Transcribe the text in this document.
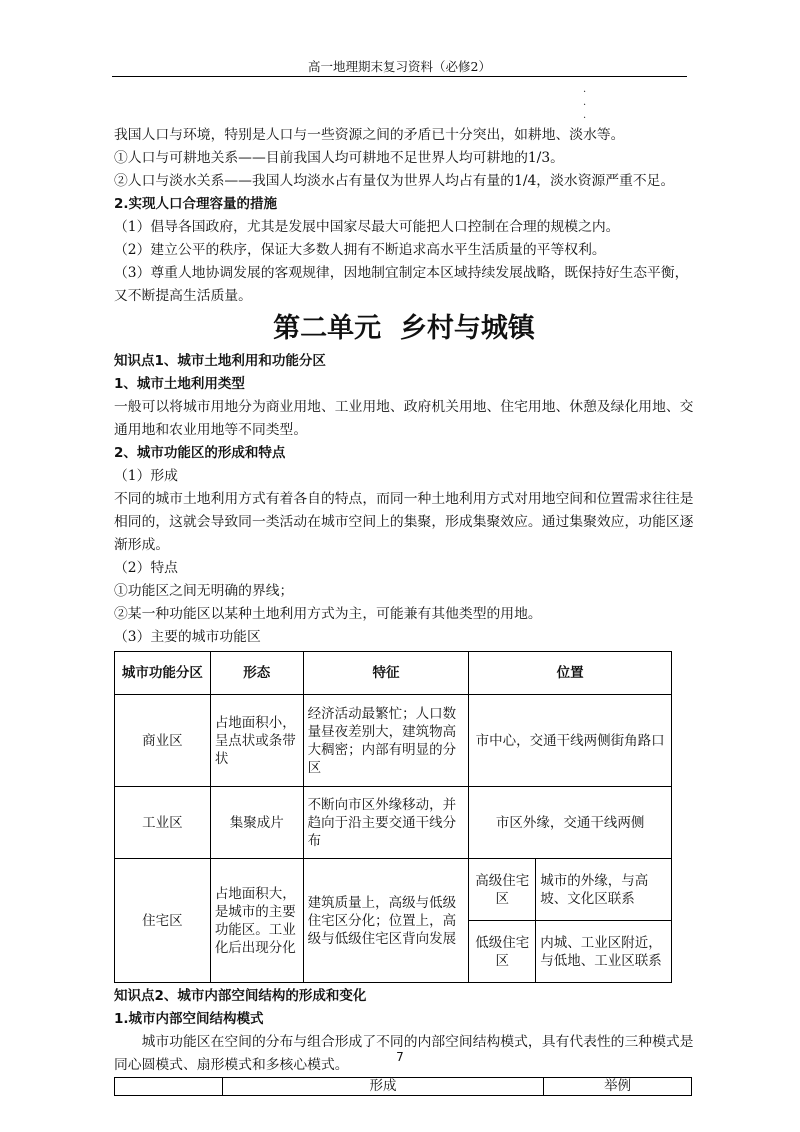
高一地理期末复习资料（必修2）
·
·
·

我国人口与环境，特别是人口与一些资源之间的矛盾已十分突出，如耕地、淡水等。

①人口与可耕地关系——目前我国人均可耕地不足世界人均可耕地的1/3。

②人口与淡水关系——我国人均淡水占有量仅为世界人均占有量的1/4，淡水资源严重不足。

2.实现人口合理容量的措施

（1）倡导各国政府，尤其是发展中国家尽最大可能把人口控制在合理的规模之内。

（2）建立公平的秩序，保证大多数人拥有不断追求高水平生活质量的平等权利。

（3）尊重人地协调发展的客观规律，因地制宜制定本区域持续发展战略，既保持好生态平衡，又不断提高生活质量。

第二单元  乡村与城镇

知识点1、城市土地利用和功能分区

1、城市土地利用类型

一般可以将城市用地分为商业用地、工业用地、政府机关用地、住宅用地、休憩及绿化用地、交通用地和农业用地等不同类型。

2、城市功能区的形成和特点

（1）形成

不同的城市土地利用方式有着各自的特点，而同一种土地利用方式对用地空间和位置需求往往是相同的，这就会导致同一类活动在城市空间上的集聚，形成集聚效应。通过集聚效应，功能区逐渐形成。

（2）特点

①功能区之间无明确的界线；

②某一种功能区以某种土地利用方式为主，可能兼有其他类型的用地。

（3）主要的城市功能区

城市功能分区	形态	特征	位置	
商业区	占地面积小，呈点状或条带状	经济活动最繁忙；人口数量昼夜差别大，建筑物高大稠密；内部有明显的分区	市中心，交通干线两侧街角路口	
工业区	集聚成片	不断向市区外缘移动，并趋向于沿主要交通干线分布	市区外缘，交通干线两侧	
住宅区	占地面积大，是城市的主要功能区。工业化后出现分化	建筑质量上，高级与低级住宅区分化；位置上，高级与低级住宅区背向发展	高级住宅区	城市的外缘，与高坡、文化区联系
			低级住宅区	内城、工业区附近，与低地、工业区联系

知识点2、城市内部空间结构的形成和变化

1.城市内部空间结构模式

城市功能区在空间的分布与组合形成了不同的内部空间结构模式，具有代表性的三种模式是同心圆模式、扇形模式和多核心模式。

	形成	举例
7
